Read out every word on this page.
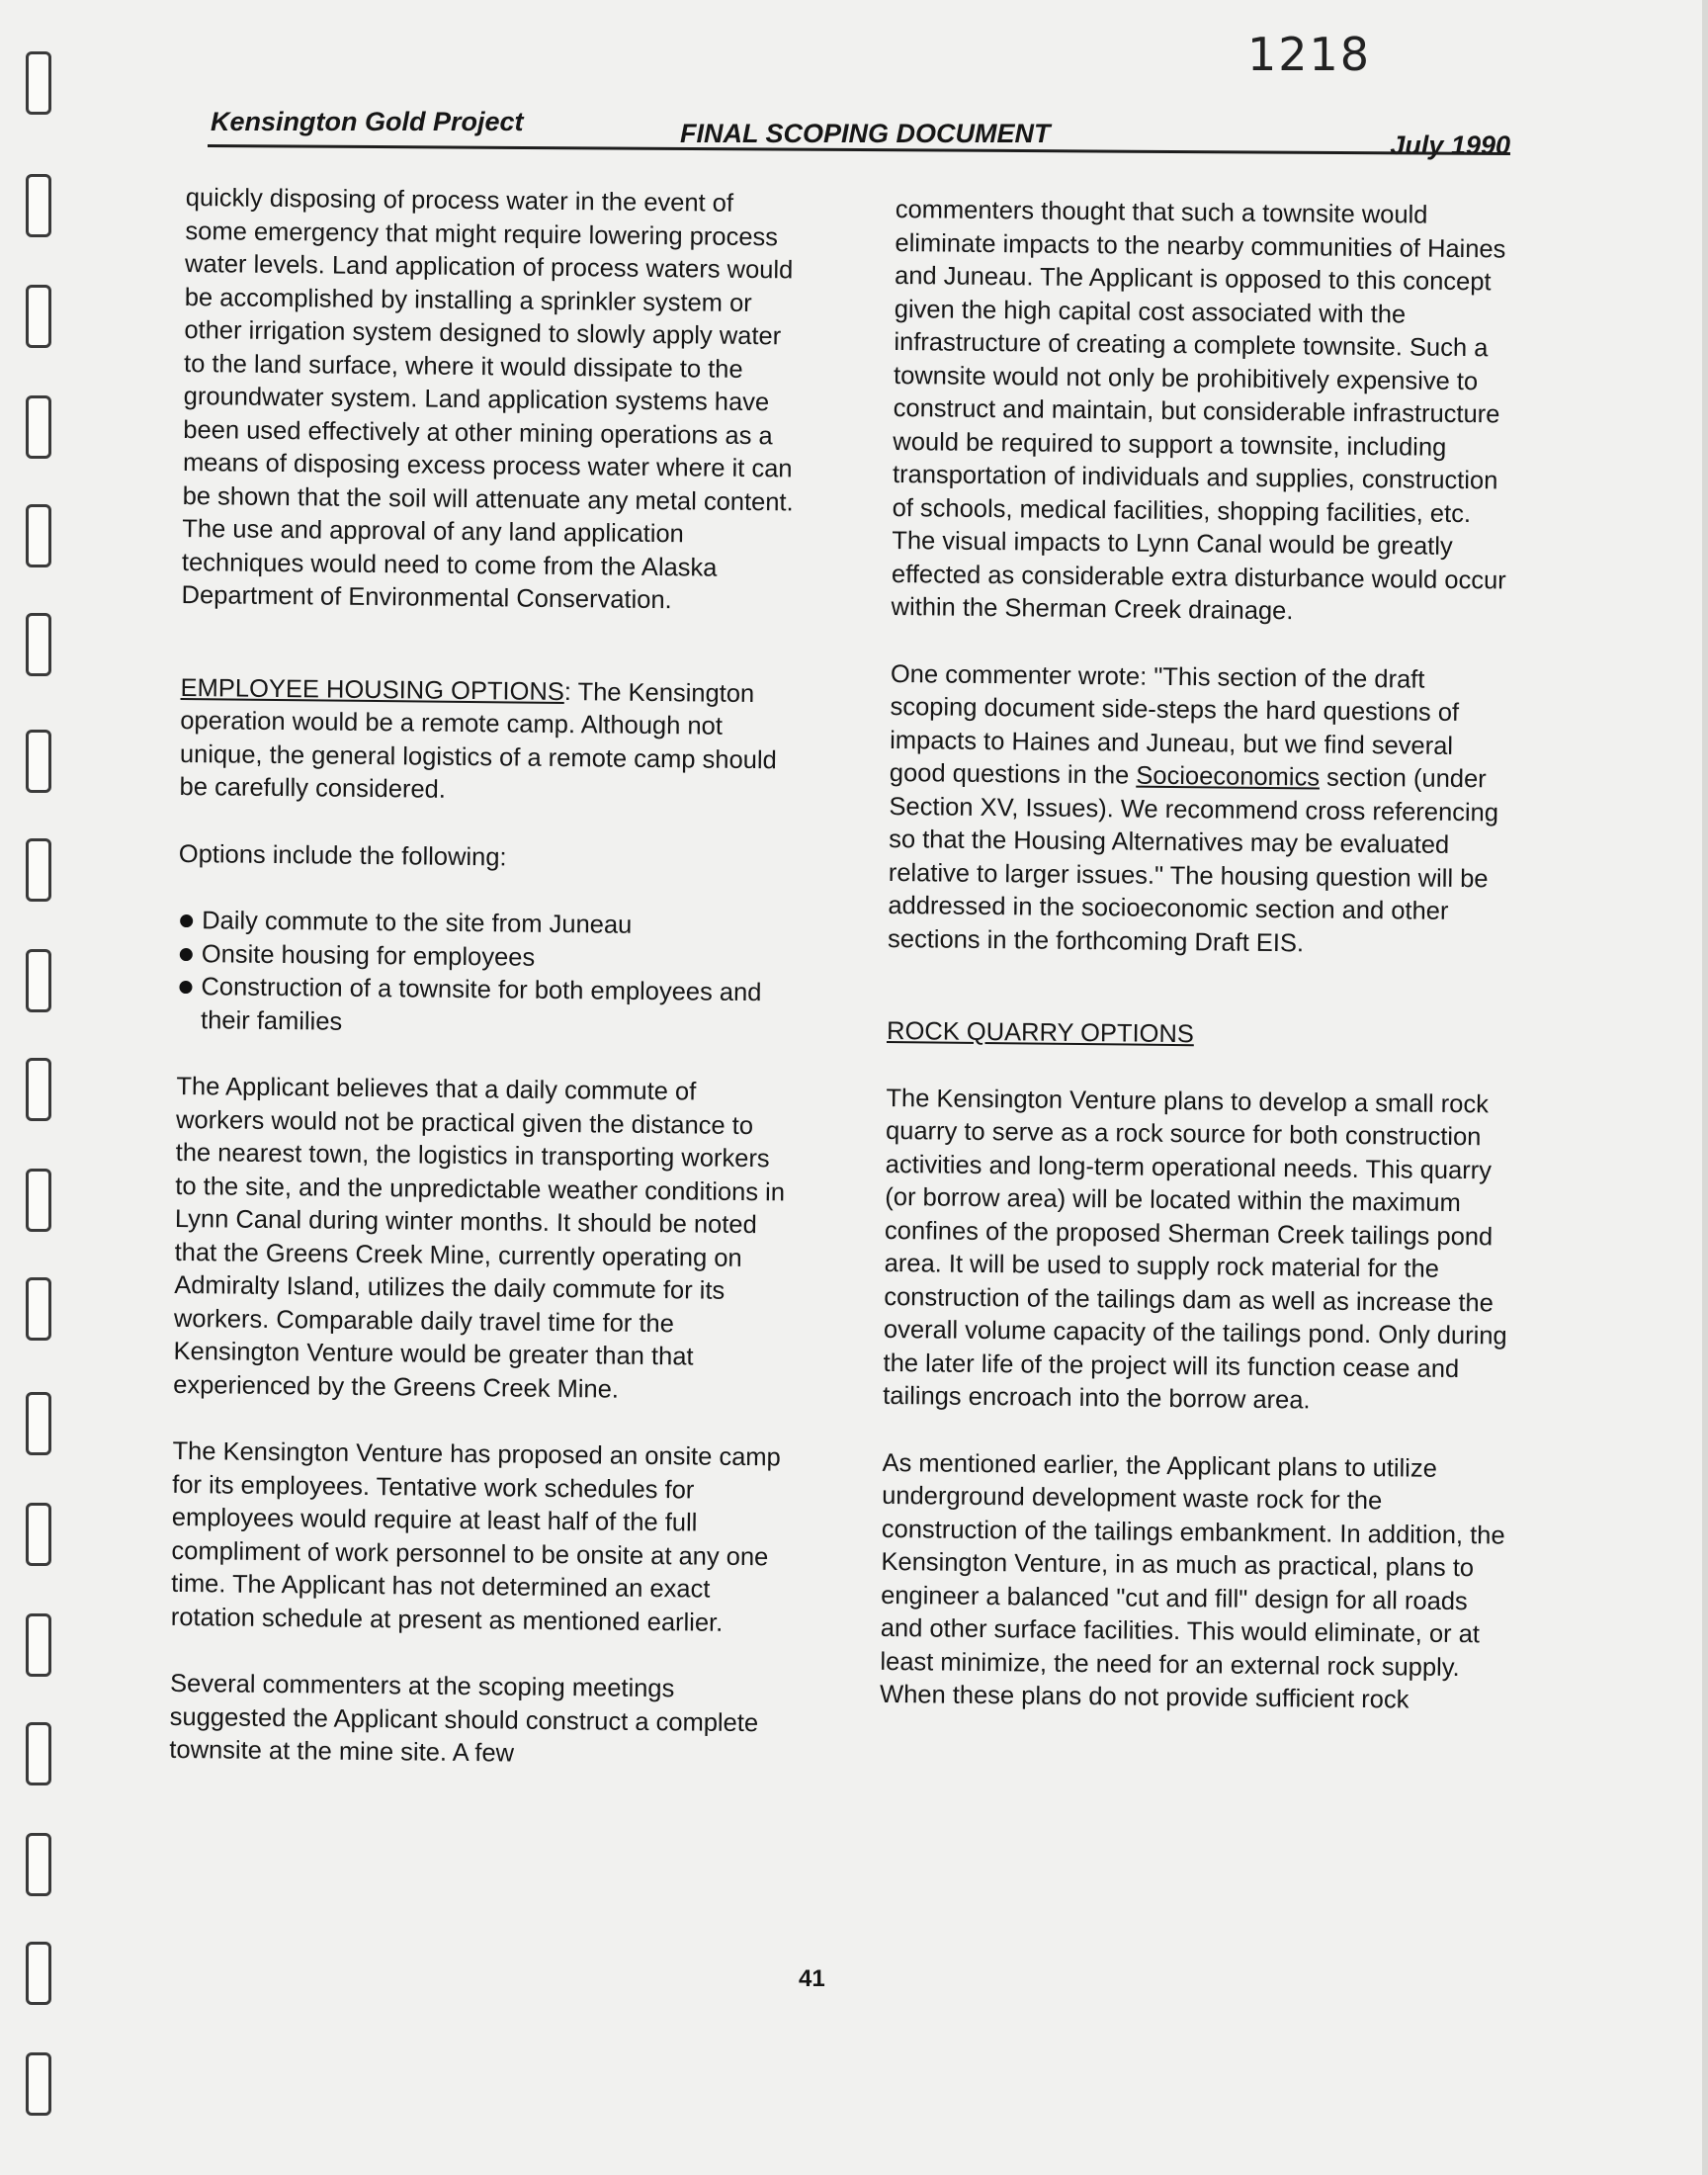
1218
Kensington Gold Project	FINAL SCOPING DOCUMENT	July 1990

quickly disposing of process water in the event of some emergency that might require lowering process water levels. Land application of process waters would be accomplished by installing a sprinkler system or other irrigation system designed to slowly apply water to the land surface, where it would dissipate to the groundwater system. Land application systems have been used effectively at other mining operations as a means of disposing excess process water where it can be shown that the soil will attenuate any metal content. The use and approval of any land application techniques would need to come from the Alaska Department of Environmental Conservation.

EMPLOYEE HOUSING OPTIONS: The Kensington operation would be a remote camp. Although not unique, the general logistics of a remote camp should be carefully considered.

Options include the following:

Daily commute to the site from Juneau
Onsite housing for employees
Construction of a townsite for both employees and their families

The Applicant believes that a daily commute of workers would not be practical given the distance to the nearest town, the logistics in transporting workers to the site, and the unpredictable weather conditions in Lynn Canal during winter months. It should be noted that the Greens Creek Mine, currently operating on Admiralty Island, utilizes the daily commute for its workers. Comparable daily travel time for the Kensington Venture would be greater than that experienced by the Greens Creek Mine.

The Kensington Venture has proposed an onsite camp for its employees. Tentative work schedules for employees would require at least half of the full compliment of work personnel to be onsite at any one time. The Applicant has not determined an exact rotation schedule at present as mentioned earlier.

Several commenters at the scoping meetings suggested the Applicant should construct a complete townsite at the mine site. A few

commenters thought that such a townsite would eliminate impacts to the nearby communities of Haines and Juneau. The Applicant is opposed to this concept given the high capital cost associated with the infrastructure of creating a complete townsite. Such a townsite would not only be prohibitively expensive to construct and maintain, but considerable infrastructure would be required to support a townsite, including transportation of individuals and supplies, construction of schools, medical facilities, shopping facilities, etc. The visual impacts to Lynn Canal would be greatly effected as considerable extra disturbance would occur within the Sherman Creek drainage.

One commenter wrote: "This section of the draft scoping document side-steps the hard questions of impacts to Haines and Juneau, but we find several good questions in the Socioeconomics section (under Section XV, Issues). We recommend cross referencing so that the Housing Alternatives may be evaluated relative to larger issues." The housing question will be addressed in the socioeconomic section and other sections in the forthcoming Draft EIS.

ROCK QUARRY OPTIONS

The Kensington Venture plans to develop a small rock quarry to serve as a rock source for both construction activities and long-term operational needs. This quarry (or borrow area) will be located within the maximum confines of the proposed Sherman Creek tailings pond area. It will be used to supply rock material for the construction of the tailings dam as well as increase the overall volume capacity of the tailings pond. Only during the later life of the project will its function cease and tailings encroach into the borrow area.

As mentioned earlier, the Applicant plans to utilize underground development waste rock for the construction of the tailings embankment. In addition, the Kensington Venture, in as much as practical, plans to engineer a balanced "cut and fill" design for all roads and other surface facilities. This would eliminate, or at least minimize, the need for an external rock supply. When these plans do not provide sufficient rock

41
